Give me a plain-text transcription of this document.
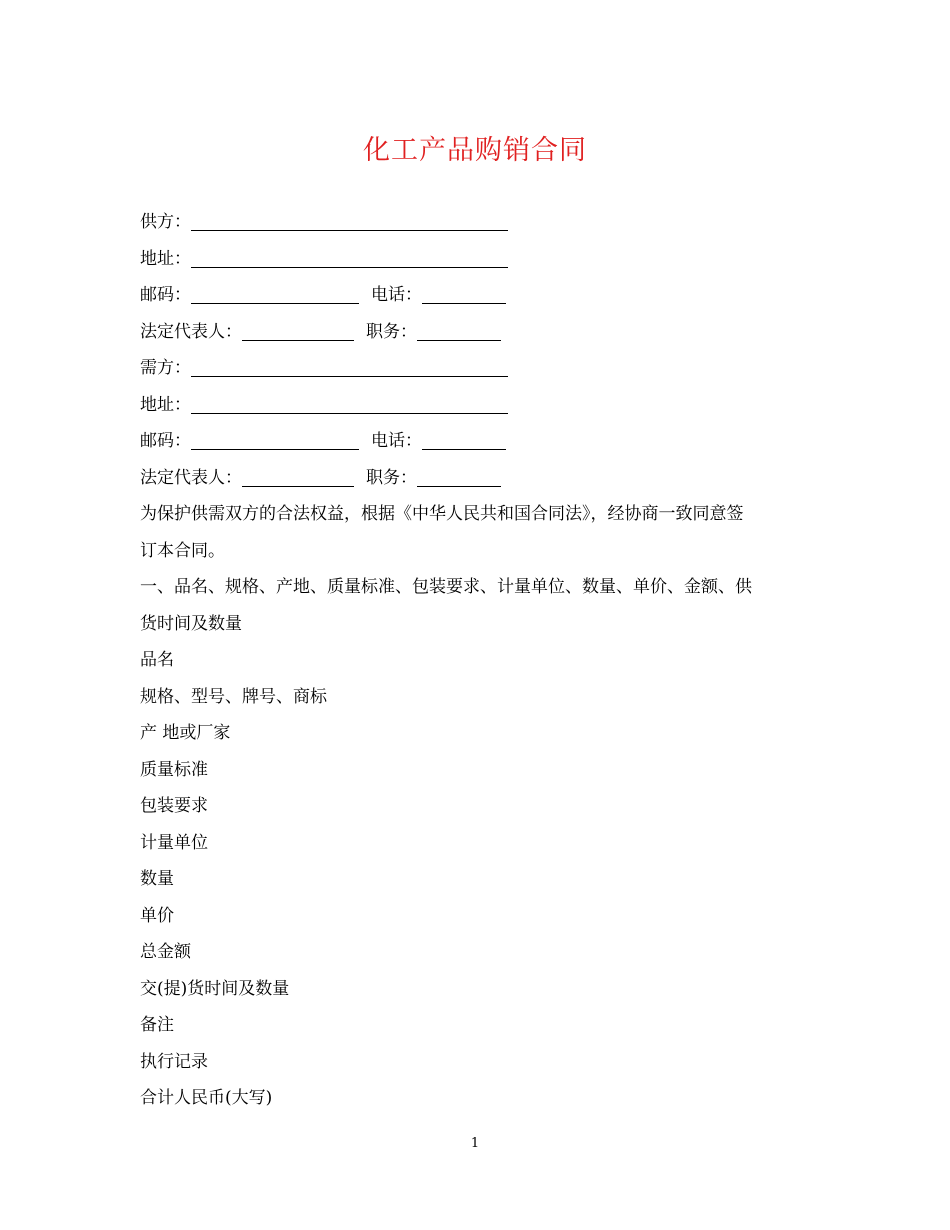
化工产品购销合同
供方：
地址：
邮码：	电话：
法定代表人：	职务：
需方：
地址：
邮码：	电话：
法定代表人：	职务：
为保护供需双方的合法权益，根据《中华人民共和国合同法》，经协商一致同意签
订本合同。
一、品名、规格、产地、质量标准、包装要求、计量单位、数量、单价、金额、供
货时间及数量
品名
规格、型号、牌号、商标
产 地或厂家
质量标准
包装要求
计量单位
数量
单价
总金额
交(提)货时间及数量
备注
执行记录
合计人民币(大写)
1
